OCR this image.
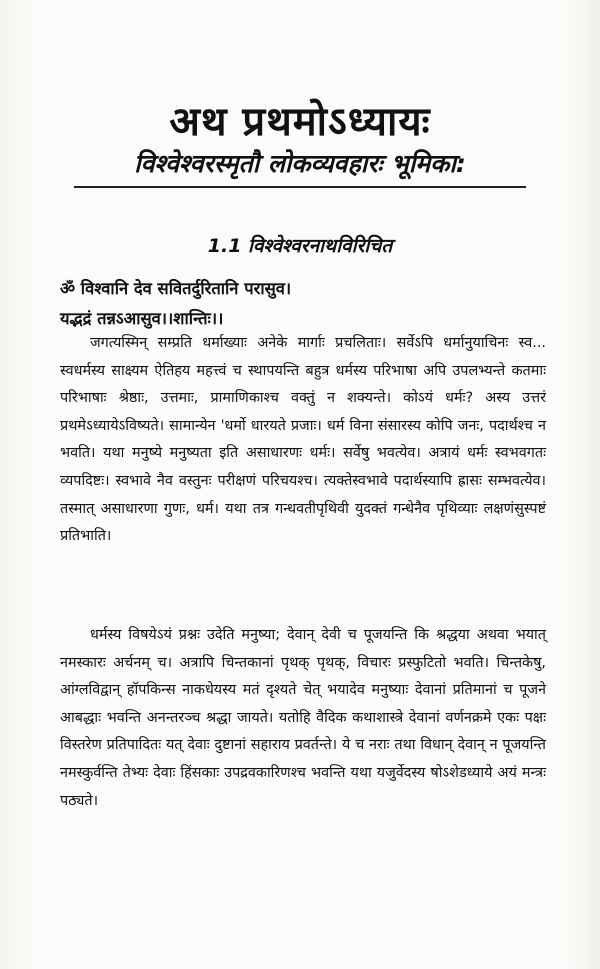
अथ प्रथमोऽध्यायः
विश्वेश्वरस्मृतौ लोकव्यवहारः भूमिका:
1.1 विश्वेश्वरनाथविरिचित
ॐ विश्वानि देव सवितर्दुरितानि परासुव।
यद्भद्रं तन्नऽआसुव।।शान्तिः।।

जगत्यस्मिन् सम्प्रति धर्माख्याः अनेके मार्गाः प्रचलिताः। सर्वेऽपि धर्मानुयाचिनः स्व... स्वधर्मस्य साक्ष्यम ऐतिहय महत्त्वं च स्थापयन्ति बहुत्र धर्मस्य परिभाषा अपि उपलभ्यन्ते कतमाः परिभाषाः श्रेष्ठाः, उत्तमाः, प्रामाणिकाश्च वक्तुं न शक्यन्ते। कोऽयं धर्मः? अस्य उत्तरं प्रथमेऽध्यायेऽविष्यते। सामान्येन 'धर्मो धारयते प्रजाः। धर्म विना संसारस्य कोपि जनः, पदार्थश्च न भवति। यथा मनुष्ये मनुष्यता इति असाधारणः धर्मः। सर्वेषु भवत्येव। अत्रायं धर्मः स्वभवगतः व्यपदिष्टः। स्वभावे नैव वस्तुनः परीक्षणं परिचयश्च। त्यक्तेस्वभावे पदार्थस्यापि ह्रासः सम्भवत्येव। तस्मात् असाधारणा गुणः, धर्म। यथा तत्र गन्धवतीपृथिवी युदक्तं गन्धेनैव पृथिव्याः लक्षणंसुस्पष्टं प्रतिभाति।

धर्मस्य विषयेऽयं प्रश्नः उदेति मनुष्या; देवान् देवी च पूजयन्ति कि श्रद्धया अथवा भयात् नमस्कारः अर्चनम् च। अत्रापि चिन्तकानां पृथक् पृथक्, विचारः प्रस्फुटितो भवति। चिन्तकेषु, आंग्लविद्वान् हॉपकिन्स नाकधेयस्य मतं दृश्यते चेत् भयादेव मनुष्याः देवानां प्रतिमानां च पूजने आबद्धाः भवन्ति अनन्तरञ्च श्रद्धा जायते। यतोहि वैदिक कथाशास्त्रे देवानां वर्णनक्रमे एकः पक्षः विस्तरेण प्रतिपादितः यत् देवाः दुष्टानां सहाराय प्रवर्तन्ते। ये च नराः तथा विधान् देवान् न पूजयन्ति नमस्कुर्वन्ति तेभ्यः देवाः हिंसकाः उपद्रवकारिणश्च भवन्ति यथा यजुर्वेदस्य षोऽशेडध्याये अयं मन्त्रः पठ्यते।
